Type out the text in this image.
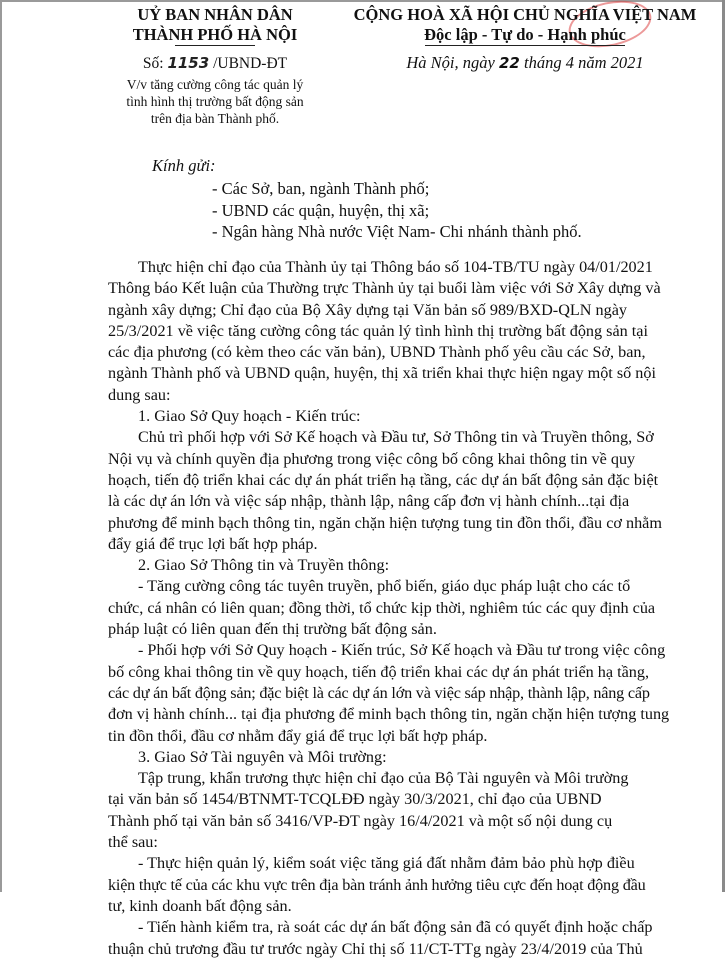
UỶ BAN NHÂN DÂN
THÀNH PHỐ HÀ NỘI
Số: 1153 /UBND-ĐT
V/v tăng cường công tác quản lý
tình hình thị trường bất động sản
trên địa bàn Thành phố.
CỘNG HOÀ XÃ HỘI CHỦ NGHĨA VIỆT NAM
Độc lập - Tự do - Hạnh phúc
Hà Nội, ngày 22 tháng 4 năm 2021
Kính gửi:
- Các Sở, ban, ngành Thành phố;
- UBND các quận, huyện, thị xã;
- Ngân hàng Nhà nước Việt Nam- Chi nhánh thành phố.
Thực hiện chỉ đạo của Thành ủy tại Thông báo số 104-TB/TU ngày 04/01/2021
Thông báo Kết luận của Thường trực Thành ủy tại buổi làm việc với Sở Xây dựng và
ngành xây dựng; Chỉ đạo của Bộ Xây dựng tại Văn bản số 989/BXD-QLN ngày
25/3/2021 về việc tăng cường công tác quản lý tình hình thị trường bất động sản tại
các địa phương (có kèm theo các văn bản), UBND Thành phố yêu cầu các Sở, ban,
ngành Thành phố và UBND quận, huyện, thị xã triển khai thực hiện ngay một số nội
dung sau:
1. Giao Sở Quy hoạch - Kiến trúc:
Chủ trì phối hợp với Sở Kế hoạch và Đầu tư, Sở Thông tin và Truyền thông, Sở
Nội vụ và chính quyền địa phương trong việc công bố công khai thông tin về quy
hoạch, tiến độ triển khai các dự án phát triển hạ tầng, các dự án bất động sản đặc biệt
là các dự án lớn và việc sáp nhập, thành lập, nâng cấp đơn vị hành chính...tại địa
phương để minh bạch thông tin, ngăn chặn hiện tượng tung tin đồn thổi, đầu cơ nhằm
đẩy giá để trục lợi bất hợp pháp.
2. Giao Sở Thông tin và Truyền thông:
- Tăng cường công tác tuyên truyền, phổ biến, giáo dục pháp luật cho các tổ
chức, cá nhân có liên quan; đồng thời, tổ chức kịp thời, nghiêm túc các quy định của
pháp luật có liên quan đến thị trường bất động sản.
- Phối hợp với Sở Quy hoạch - Kiến trúc, Sở Kế hoạch và Đầu tư trong việc công
bố công khai thông tin về quy hoạch, tiến độ triển khai các dự án phát triển hạ tầng,
các dự án bất động sản; đặc biệt là các dự án lớn và việc sáp nhập, thành lập, nâng cấp
đơn vị hành chính... tại địa phương để minh bạch thông tin, ngăn chặn hiện tượng tung
tin đồn thổi, đầu cơ nhằm đẩy giá để trục lợi bất hợp pháp.
3. Giao Sở Tài nguyên và Môi trường:
Tập trung, khẩn trương thực hiện chỉ đạo của Bộ Tài nguyên và Môi trường
tại văn bản số 1454/BTNMT-TCQLĐĐ ngày 30/3/2021, chỉ đạo của UBND
Thành phố tại văn bản số 3416/VP-ĐT ngày 16/4/2021 và một số nội dung cụ
thể sau:
- Thực hiện quản lý, kiểm soát việc tăng giá đất nhằm đảm bảo phù hợp điều
kiện thực tế của các khu vực trên địa bàn tránh ảnh hưởng tiêu cực đến hoạt động đầu
tư, kinh doanh bất động sản.
- Tiến hành kiểm tra, rà soát các dự án bất động sản đã có quyết định hoặc chấp
thuận chủ trương đầu tư trước ngày Chỉ thị số 11/CT-TTg ngày 23/4/2019 của Thủ
